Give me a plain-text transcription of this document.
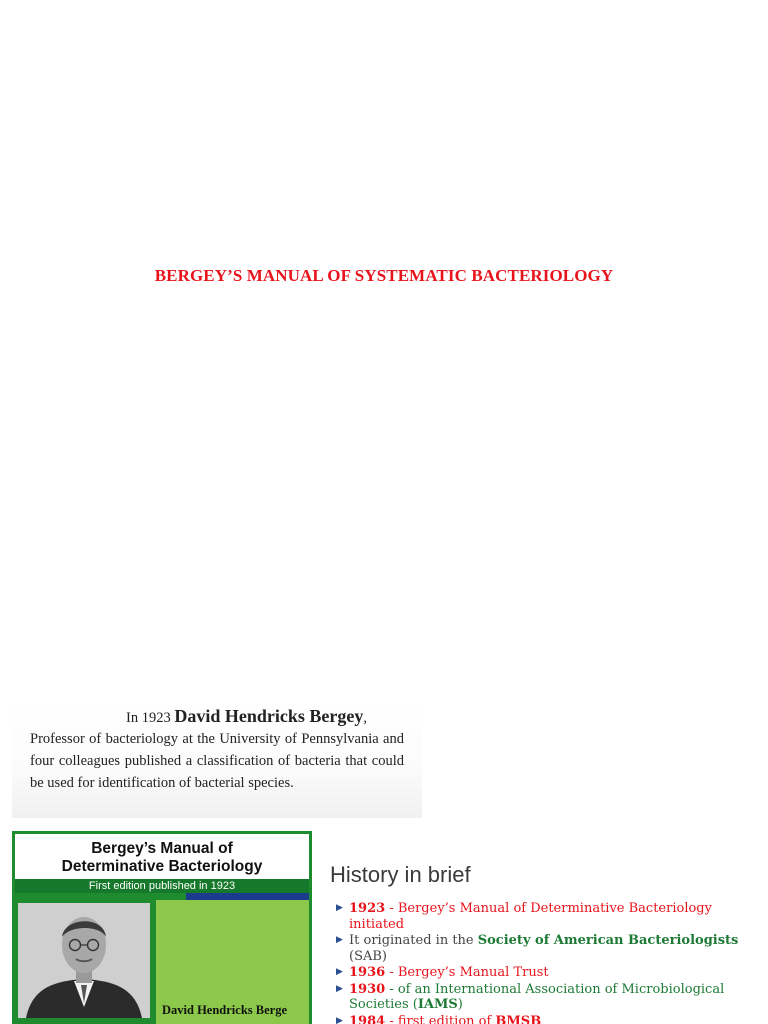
BERGEY’S MANUAL OF SYSTEMATIC BACTERIOLOGY
In 1923 David Hendricks Bergey,
Professor of bacteriology at the University of Pennsylvania and four colleagues published a classification of bacteria that could be used for identification of bacterial species.
Bergey’s Manual of
Determinative Bacteriology
First edition published in 1923
David Hendricks Berge
History in brief
▶ 1923 - Bergey’s Manual of Determinative Bacteriology initiated
▶ It originated in the Society of American Bacteriologists (SAB)
▶ 1936 - Bergey’s Manual Trust
▶ 1930 - of an International Association of Microbiological Societies (IAMS)
▶ 1984 - first edition of BMSB
